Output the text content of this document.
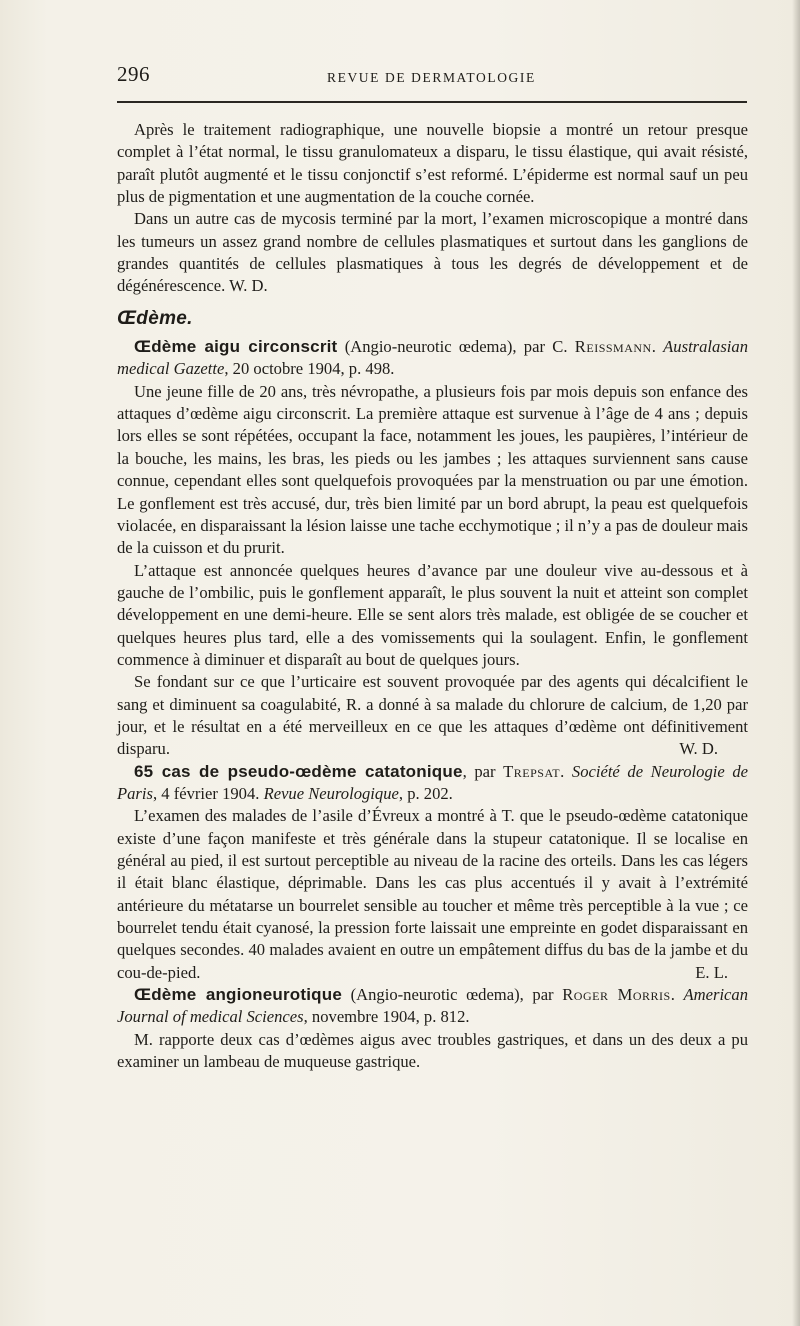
296	REVUE DE DERMATOLOGIE

Après le traitement radiographique, une nouvelle biopsie a montré un retour presque complet à l’état normal, le tissu granulomateux a disparu, le tissu élastique, qui avait résisté, paraît plutôt augmenté et le tissu conjonctif s’est reformé. L’épiderme est normal sauf un peu plus de pigmentation et une augmentation de la couche cornée.

Dans un autre cas de mycosis terminé par la mort, l’examen microscopique a montré dans les tumeurs un assez grand nombre de cellules plasmatiques et surtout dans les ganglions de grandes quantités de cellules plasmatiques à tous les degrés de développement et de dégénérescence. W. D.

Œdème.

Œdème aigu circonscrit (Angio-neurotic œdema), par C. Reissmann. Australasian medical Gazette, 20 octobre 1904, p. 498.

Une jeune fille de 20 ans, très névropathe, a plusieurs fois par mois depuis son enfance des attaques d’œdème aigu circonscrit. La première attaque est survenue à l’âge de 4 ans ; depuis lors elles se sont répétées, occupant la face, notamment les joues, les paupières, l’intérieur de la bouche, les mains, les bras, les pieds ou les jambes ; les attaques surviennent sans cause connue, cependant elles sont quelquefois provoquées par la menstruation ou par une émotion. Le gonflement est très accusé, dur, très bien limité par un bord abrupt, la peau est quelquefois violacée, en disparaissant la lésion laisse une tache ecchymotique ; il n’y a pas de douleur mais de la cuisson et du prurit.

L’attaque est annoncée quelques heures d’avance par une douleur vive au-dessous et à gauche de l’ombilic, puis le gonflement apparaît, le plus souvent la nuit et atteint son complet développement en une demi-heure. Elle se sent alors très malade, est obligée de se coucher et quelques heures plus tard, elle a des vomissements qui la soulagent. Enfin, le gonflement commence à diminuer et disparaît au bout de quelques jours.

Se fondant sur ce que l’urticaire est souvent provoquée par des agents qui décalcifient le sang et diminuent sa coagulabité, R. a donné à sa malade du chlorure de calcium, de 1,20 par jour, et le résultat en a été merveilleux en ce que les attaques d’œdème ont définitivement disparu.	W. D.

65 cas de pseudo-œdème catatonique, par Trepsat. Société de Neurologie de Paris, 4 février 1904. Revue Neurologique, p. 202.

L’examen des malades de l’asile d’Évreux a montré à T. que le pseudo-œdème catatonique existe d’une façon manifeste et très générale dans la stupeur catatonique. Il se localise en général au pied, il est surtout perceptible au niveau de la racine des orteils. Dans les cas légers il était blanc élastique, déprimable. Dans les cas plus accentués il y avait à l’extrémité antérieure du métatarse un bourrelet sensible au toucher et même très perceptible à la vue ; ce bourrelet tendu était cyanosé, la pression forte laissait une empreinte en godet disparaissant en quelques secondes. 40 malades avaient en outre un empâtement diffus du bas de la jambe et du cou-de-pied.	E. L.

Œdème angioneurotique (Angio-neurotic œdema), par Roger Morris. American Journal of medical Sciences, novembre 1904, p. 812.

M. rapporte deux cas d’œdèmes aigus avec troubles gastriques, et dans un des deux a pu examiner un lambeau de muqueuse gastrique.
